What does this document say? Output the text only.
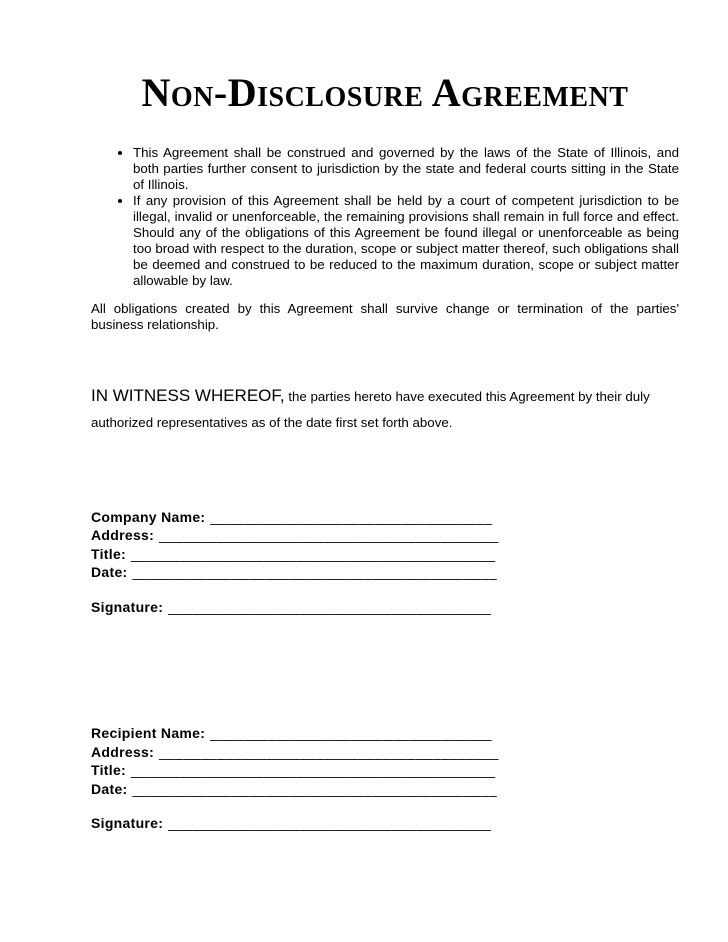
Non-Disclosure Agreement
• This Agreement shall be construed and governed by the laws of the State of Illinois, and both parties further consent to jurisdiction by the state and federal courts sitting in the State of Illinois.
• If any provision of this Agreement shall be held by a court of competent jurisdiction to be illegal, invalid or unenforceable, the remaining provisions shall remain in full force and effect. Should any of the obligations of this Agreement be found illegal or unenforceable as being too broad with respect to the duration, scope or subject matter thereof, such obligations shall be deemed and construed to be reduced to the maximum duration, scope or subject matter allowable by law.

All obligations created by this Agreement shall survive change or termination of the parties' business relationship.

IN WITNESS WHEREOF, the parties hereto have executed this Agreement by their duly authorized representatives as of the date first set forth above.

Company Name: __________________________________
Address: _________________________________________
Title: ____________________________________________
Date: ____________________________________________
Signature: _______________________________________
Recipient Name: __________________________________
Address: _________________________________________
Title: ____________________________________________
Date: ____________________________________________
Signature: _______________________________________
